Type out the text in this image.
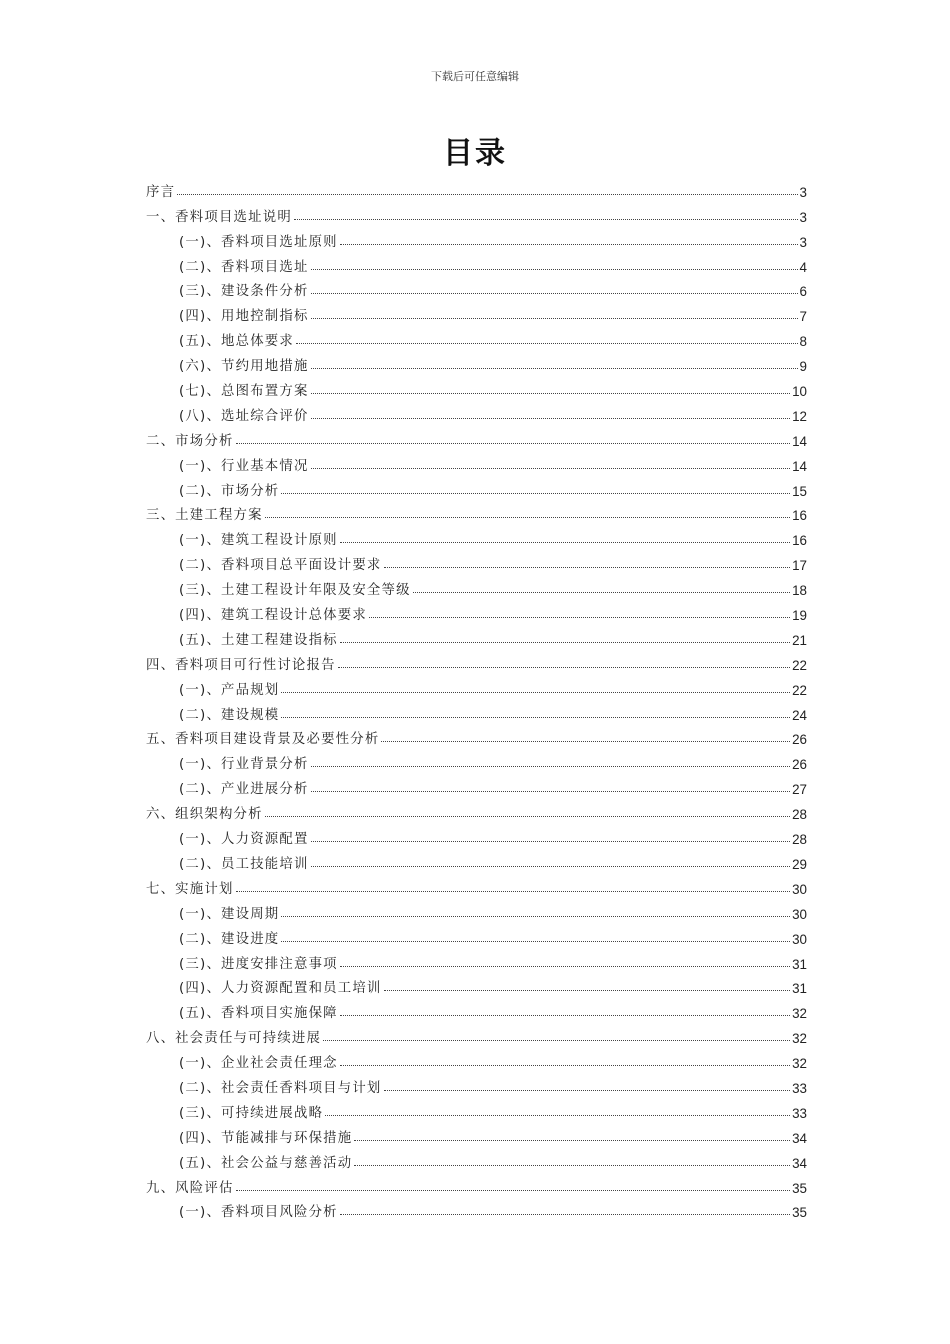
下载后可任意编辑
目录
序言	3
一、香料项目选址说明	3
(一)、香料项目选址原则	3
(二)、香料项目选址	4
(三)、建设条件分析	6
(四)、用地控制指标	7
(五)、地总体要求	8
(六)、节约用地措施	9
(七)、总图布置方案	10
(八)、选址综合评价	12
二、市场分析	14
(一)、行业基本情况	14
(二)、市场分析	15
三、土建工程方案	16
(一)、建筑工程设计原则	16
(二)、香料项目总平面设计要求	17
(三)、土建工程设计年限及安全等级	18
(四)、建筑工程设计总体要求	19
(五)、土建工程建设指标	21
四、香料项目可行性讨论报告	22
(一)、产品规划	22
(二)、建设规模	24
五、香料项目建设背景及必要性分析	26
(一)、行业背景分析	26
(二)、产业进展分析	27
六、组织架构分析	28
(一)、人力资源配置	28
(二)、员工技能培训	29
七、实施计划	30
(一)、建设周期	30
(二)、建设进度	30
(三)、进度安排注意事项	31
(四)、人力资源配置和员工培训	31
(五)、香料项目实施保障	32
八、社会责任与可持续进展	32
(一)、企业社会责任理念	32
(二)、社会责任香料项目与计划	33
(三)、可持续进展战略	33
(四)、节能减排与环保措施	34
(五)、社会公益与慈善活动	34
九、风险评估	35
(一)、香料项目风险分析	35
